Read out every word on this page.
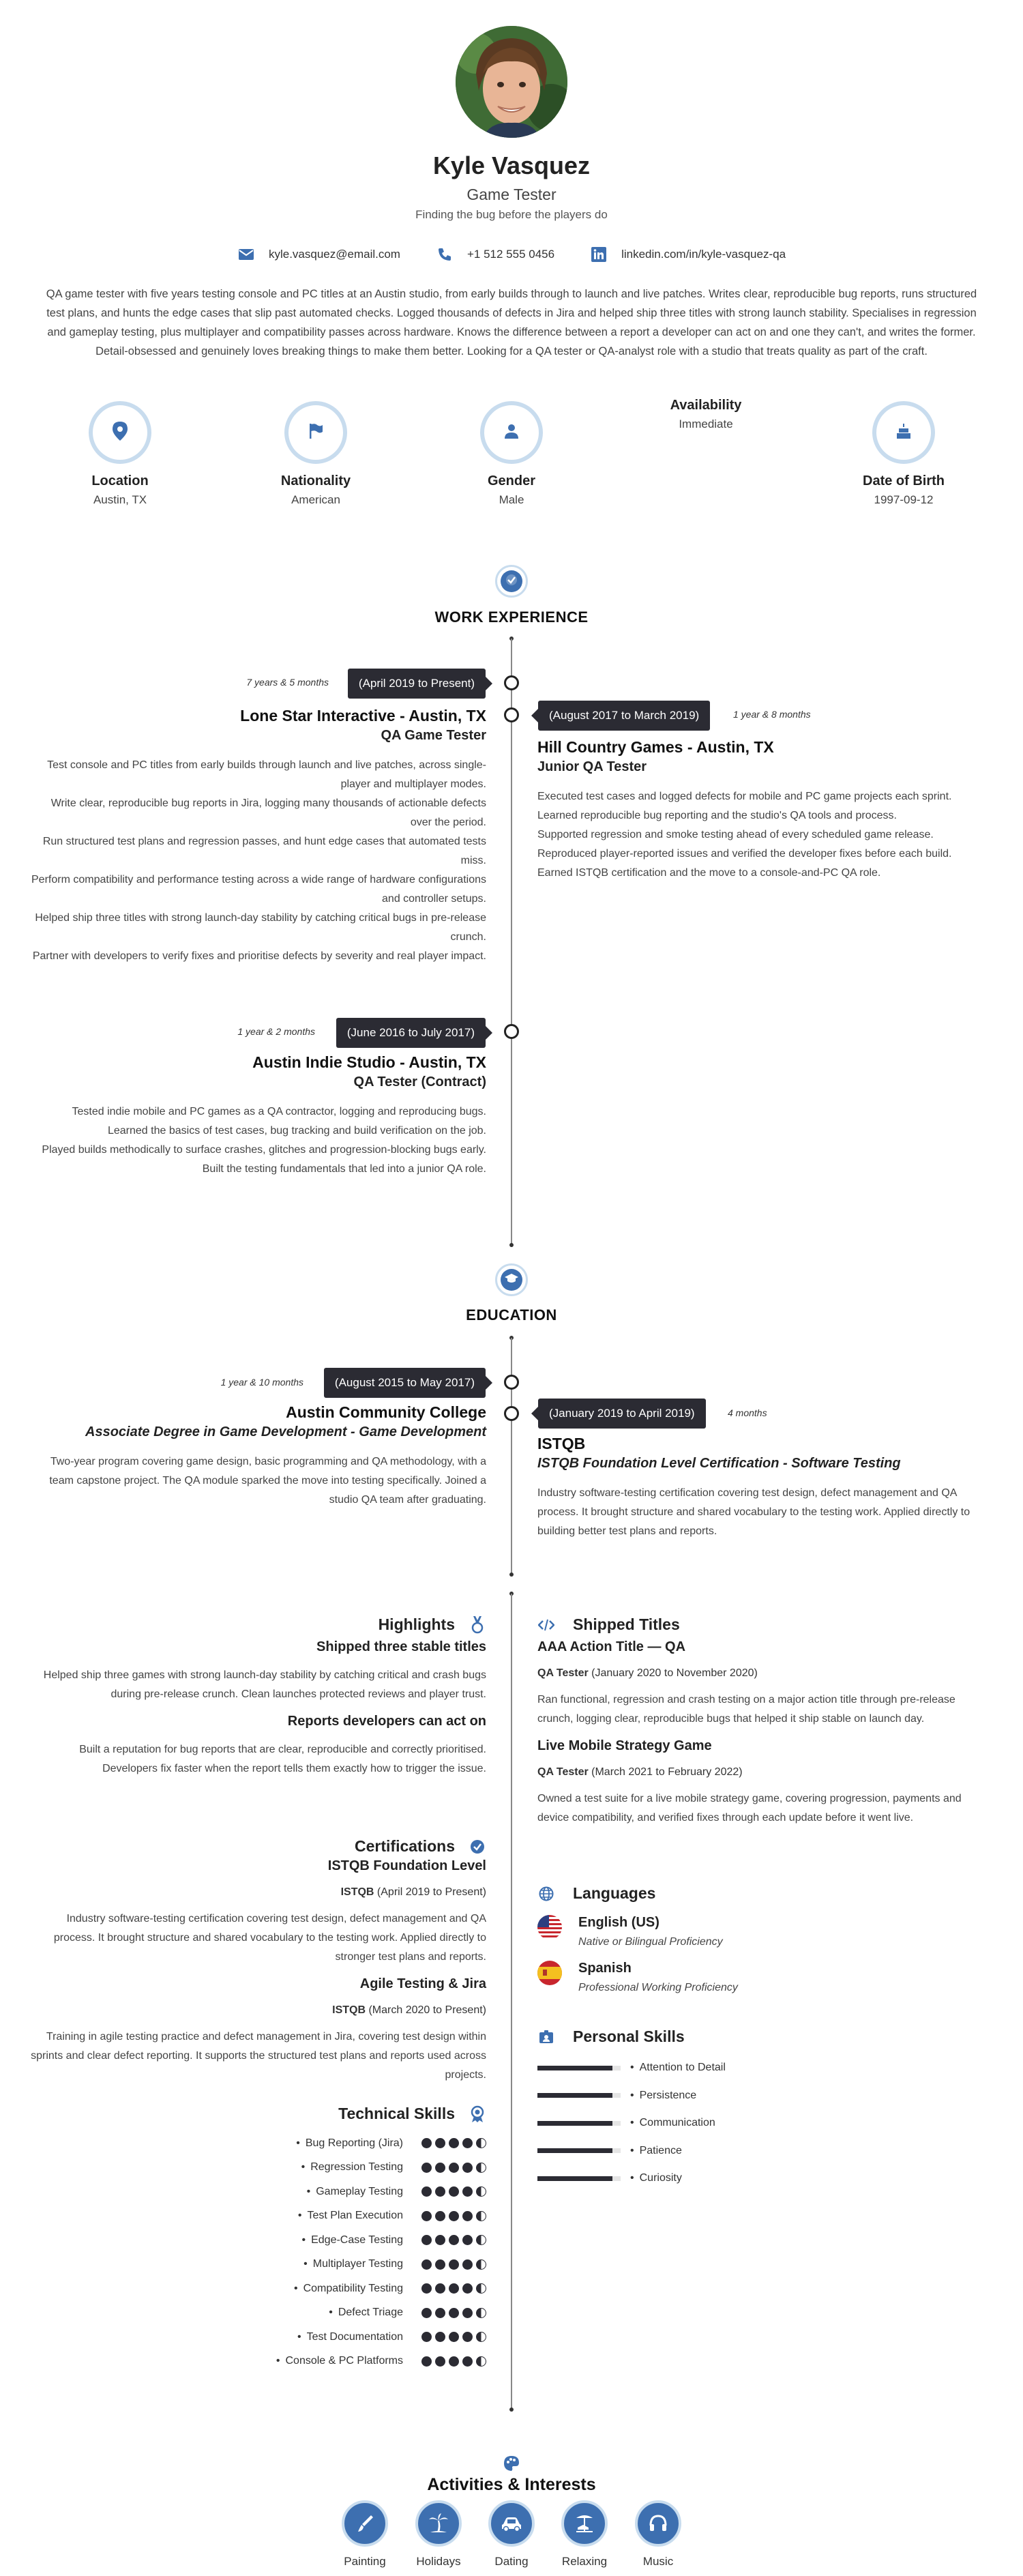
Kyle Vasquez
Game Tester
Finding the bug before the players do
kyle.vasquez@email.com	+1 512 555 0456	linkedin.com/in/kyle-vasquez-qa
QA game tester with five years testing console and PC titles at an Austin studio, from early builds through to launch and live patches. Writes clear, reproducible bug reports, runs structured test plans, and hunts the edge cases that slip past automated checks. Logged thousands of defects in Jira and helped ship three titles with strong launch stability. Specialises in regression and gameplay testing, plus multiplayer and compatibility passes across hardware. Knows the difference between a report a developer can act on and one they can't, and writes the former. Detail-obsessed and genuinely loves breaking things to make them better. Looking for a QA tester or QA-analyst role with a studio that treats quality as part of the craft.
Location
Austin, TX
Nationality
American
Gender
Male
Availability
Immediate
Date of Birth
1997-09-12
WORK EXPERIENCE
7 years & 5 months	(April 2019 to Present)
Lone Star Interactive - Austin, TX
QA Game Tester
Test console and PC titles from early builds through launch and live patches, across single-player and multiplayer modes.
Write clear, reproducible bug reports in Jira, logging many thousands of actionable defects over the period.
Run structured test plans and regression passes, and hunt edge cases that automated tests miss.
Perform compatibility and performance testing across a wide range of hardware configurations and controller setups.
Helped ship three titles with strong launch-day stability by catching critical bugs in pre-release crunch.
Partner with developers to verify fixes and prioritise defects by severity and real player impact.
(August 2017 to March 2019)	1 year & 8 months
Hill Country Games - Austin, TX
Junior QA Tester
Executed test cases and logged defects for mobile and PC game projects each sprint.
Learned reproducible bug reporting and the studio's QA tools and process.
Supported regression and smoke testing ahead of every scheduled game release.
Reproduced player-reported issues and verified the developer fixes before each build.
Earned ISTQB certification and the move to a console-and-PC QA role.
1 year & 2 months	(June 2016 to July 2017)
Austin Indie Studio - Austin, TX
QA Tester (Contract)
Tested indie mobile and PC games as a QA contractor, logging and reproducing bugs.
Learned the basics of test cases, bug tracking and build verification on the job.
Played builds methodically to surface crashes, glitches and progression-blocking bugs early.
Built the testing fundamentals that led into a junior QA role.
EDUCATION
1 year & 10 months	(August 2015 to May 2017)
Austin Community College
Associate Degree in Game Development - Game Development
Two-year program covering game design, basic programming and QA methodology, with a team capstone project. The QA module sparked the move into testing specifically. Joined a studio QA team after graduating.
(January 2019 to April 2019)	4 months
ISTQB
ISTQB Foundation Level Certification - Software Testing
Industry software-testing certification covering test design, defect management and QA process. It brought structure and shared vocabulary to the testing work. Applied directly to building better test plans and reports.
Highlights
Shipped three stable titles
Helped ship three games with strong launch-day stability by catching critical and crash bugs during pre-release crunch. Clean launches protected reviews and player trust.
Reports developers can act on
Built a reputation for bug reports that are clear, reproducible and correctly prioritised. Developers fix faster when the report tells them exactly how to trigger the issue.
Certifications
ISTQB Foundation Level
ISTQB (April 2019 to Present)
Industry software-testing certification covering test design, defect management and QA process. It brought structure and shared vocabulary to the testing work. Applied directly to stronger test plans and reports.
Agile Testing & Jira
ISTQB (March 2020 to Present)
Training in agile testing practice and defect management in Jira, covering test design within sprints and clear defect reporting. It supports the structured test plans and reports used across projects.
Technical Skills
• Bug Reporting (Jira)
• Regression Testing
• Gameplay Testing
• Test Plan Execution
• Edge-Case Testing
• Multiplayer Testing
• Compatibility Testing
• Defect Triage
• Test Documentation
• Console & PC Platforms
Shipped Titles
AAA Action Title — QA
QA Tester (January 2020 to November 2020)
Ran functional, regression and crash testing on a major action title through pre-release crunch, logging clear, reproducible bugs that helped it ship stable on launch day.
Live Mobile Strategy Game
QA Tester (March 2021 to February 2022)
Owned a test suite for a live mobile strategy game, covering progression, payments and device compatibility, and verified fixes through each update before it went live.
Languages
English (US)
Native or Bilingual Proficiency
Spanish
Professional Working Proficiency
Personal Skills
• Attention to Detail
• Persistence
• Communication
• Patience
• Curiosity
Activities & Interests
Painting	Holidays	Dating	Relaxing	Music
